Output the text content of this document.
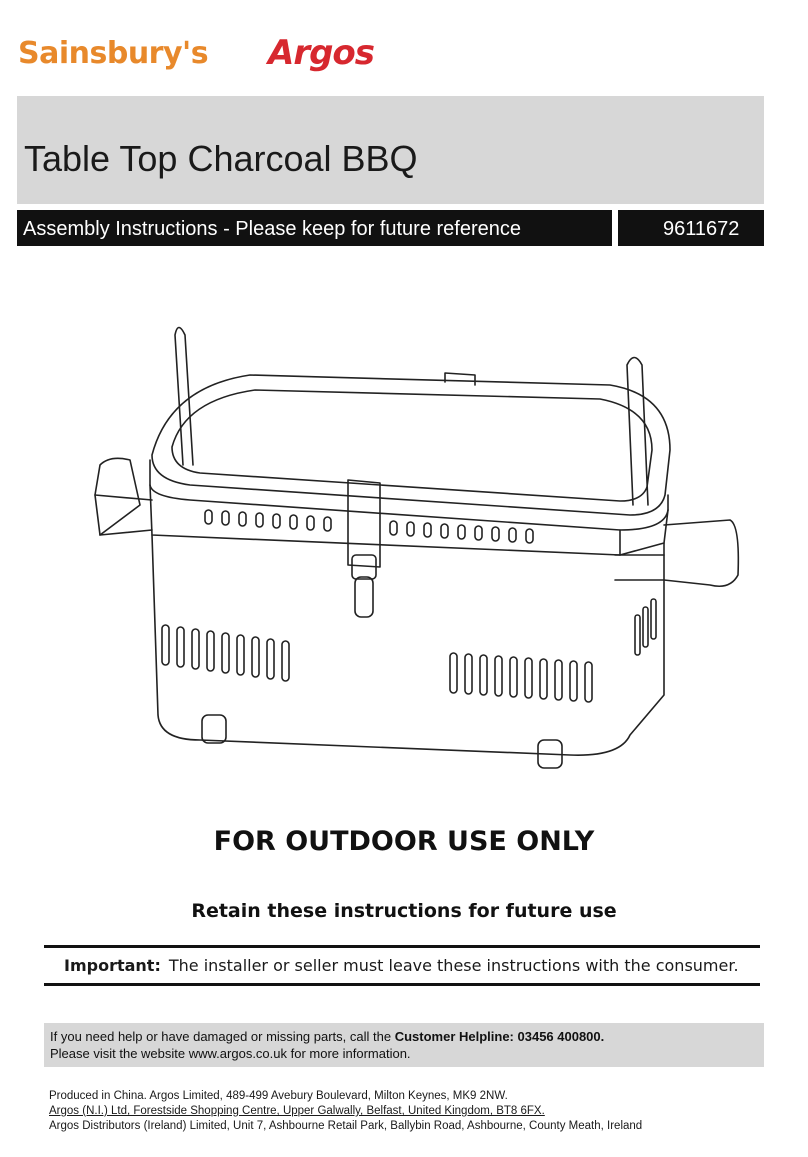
Sainsbury's Argos
Table Top Charcoal BBQ
Assembly Instructions - Please keep for future reference	9611672
FOR OUTDOOR USE ONLY
Retain these instructions for future use
Important: The installer or seller must leave these instructions with the consumer.
If you need help or have damaged or missing parts, call the Customer Helpline: 03456 400800.
Please visit the website www.argos.co.uk for more information.
Produced in China. Argos Limited, 489-499 Avebury Boulevard, Milton Keynes, MK9 2NW.
Argos (N.I.) Ltd, Forestside Shopping Centre, Upper Galwally, Belfast, United Kingdom, BT8 6FX.
Argos Distributors (Ireland) Limited, Unit 7, Ashbourne Retail Park, Ballybin Road, Ashbourne, County Meath, Ireland
